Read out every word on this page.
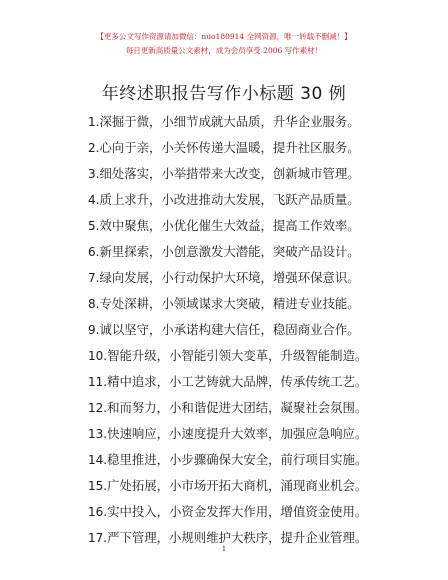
【更多公文写作资源请加微信：nuo180914 全网资源，唯一转载不删减！】
每日更新高质量公文素材，成为会员享受 2006 写作素材！
年终述职报告写作小标题 30 例
1.深掘于微，小细节成就大品质，升华企业服务。
2.心向于亲，小关怀传递大温暖，提升社区服务。
3.细处落实，小举措带来大改变，创新城市管理。
4.质上求升，小改进推动大发展，飞跃产品质量。
5.效中聚焦，小优化催生大效益，提高工作效率。
6.新里探索，小创意激发大潜能，突破产品设计。
7.绿向发展，小行动保护大环境，增强环保意识。
8.专处深耕，小领域谋求大突破，精进专业技能。
9.诚以坚守，小承诺构建大信任，稳固商业合作。
10.智能升级，小智能引领大变革，升级智能制造。
11.精中追求，小工艺铸就大品牌，传承传统工艺。
12.和而努力，小和谐促进大团结，凝聚社会氛围。
13.快速响应，小速度提升大效率，加强应急响应。
14.稳里推进，小步骤确保大安全，前行项目实施。
15.广处拓展，小市场开拓大商机，涌现商业机会。
16.实中投入，小资金发挥大作用，增值资金使用。
17.严下管理，小规则维护大秩序，提升企业管理。
1
